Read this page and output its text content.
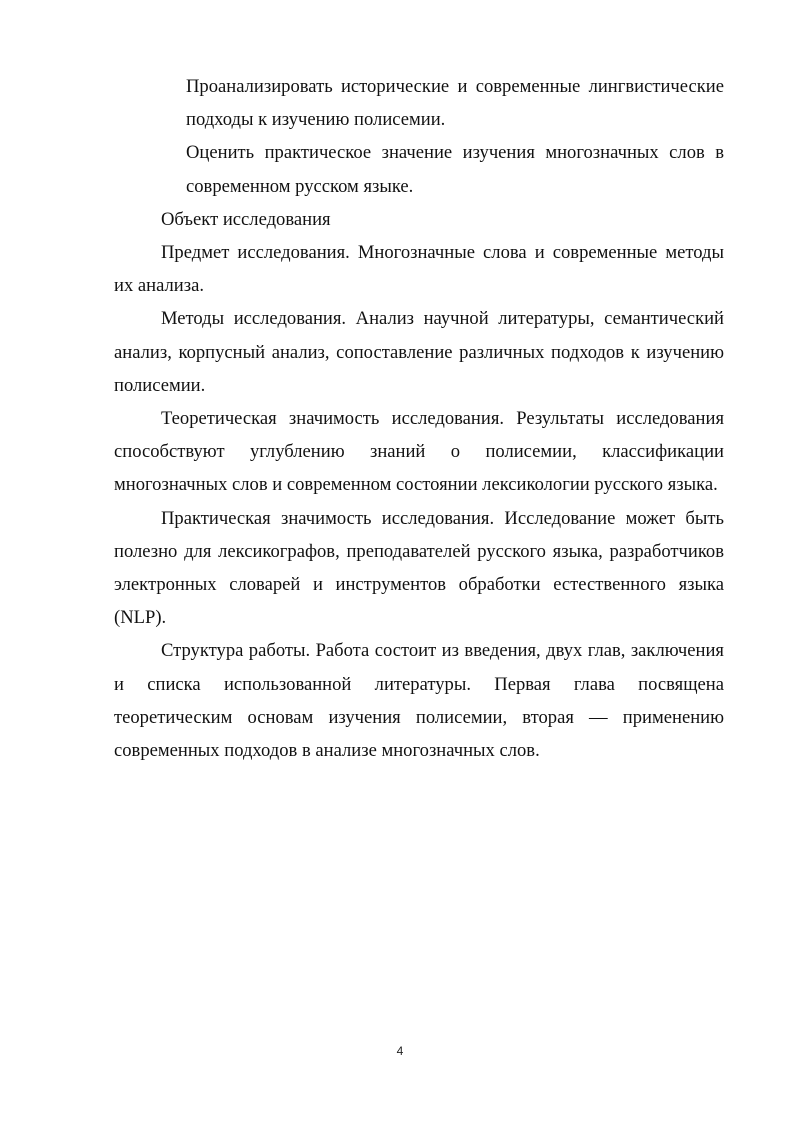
Проанализировать исторические и современные лингвистические подходы к изучению полисемии.

Оценить практическое значение изучения многозначных слов в современном русском языке.

Объект исследования

Предмет исследования. Многозначные слова и современные методы их анализа.

Методы исследования. Анализ научной литературы, семантический анализ, корпусный анализ, сопоставление различных подходов к изучению полисемии.

Теоретическая значимость исследования. Результаты исследования способствуют углублению знаний о полисемии, классификации многозначных слов и современном состоянии лексикологии русского языка.

Практическая значимость исследования. Исследование может быть полезно для лексикографов, преподавателей русского языка, разработчиков электронных словарей и инструментов обработки естественного языка (NLP).

Структура работы. Работа состоит из введения, двух глав, заключения и списка использованной литературы. Первая глава посвящена теоретическим основам изучения полисемии, вторая — применению современных подходов в анализе многозначных слов.

4
